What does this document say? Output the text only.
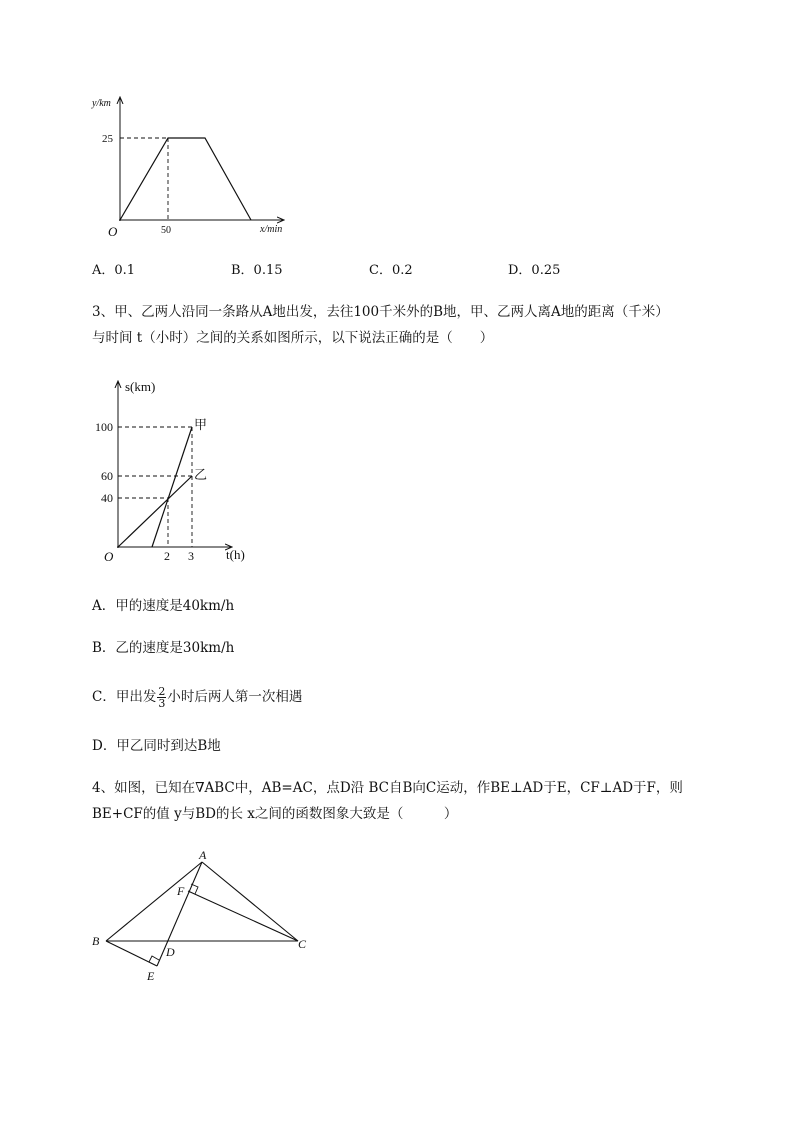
y/km
x/min
O
25
50
A．0.1	B．0.15	C．0.2	D．0.25
3、甲、乙两人沿同一条路从A地出发，去往100千米外的B地，甲、乙两人离A地的距离（千米）
与时间 t（小时）之间的关系如图所示，以下说法正确的是（　　）
s(km)
t(h)
O
100
60
40
2 3
甲
乙
A．甲的速度是40km/h
B．乙的速度是30km/h
C．甲出发 $\frac{2}{3}$ 小时后两人第一次相遇
D．甲乙同时到达B地
4、如图，已知在∇ABC中，AB=AC，点D沿 BC自B向C运动，作BE⊥AD于E，CF⊥AD于F，则
BE+CF的值 y与BD的长 x之间的函数图象大致是（　　　）
A
B	C
D
E
F
